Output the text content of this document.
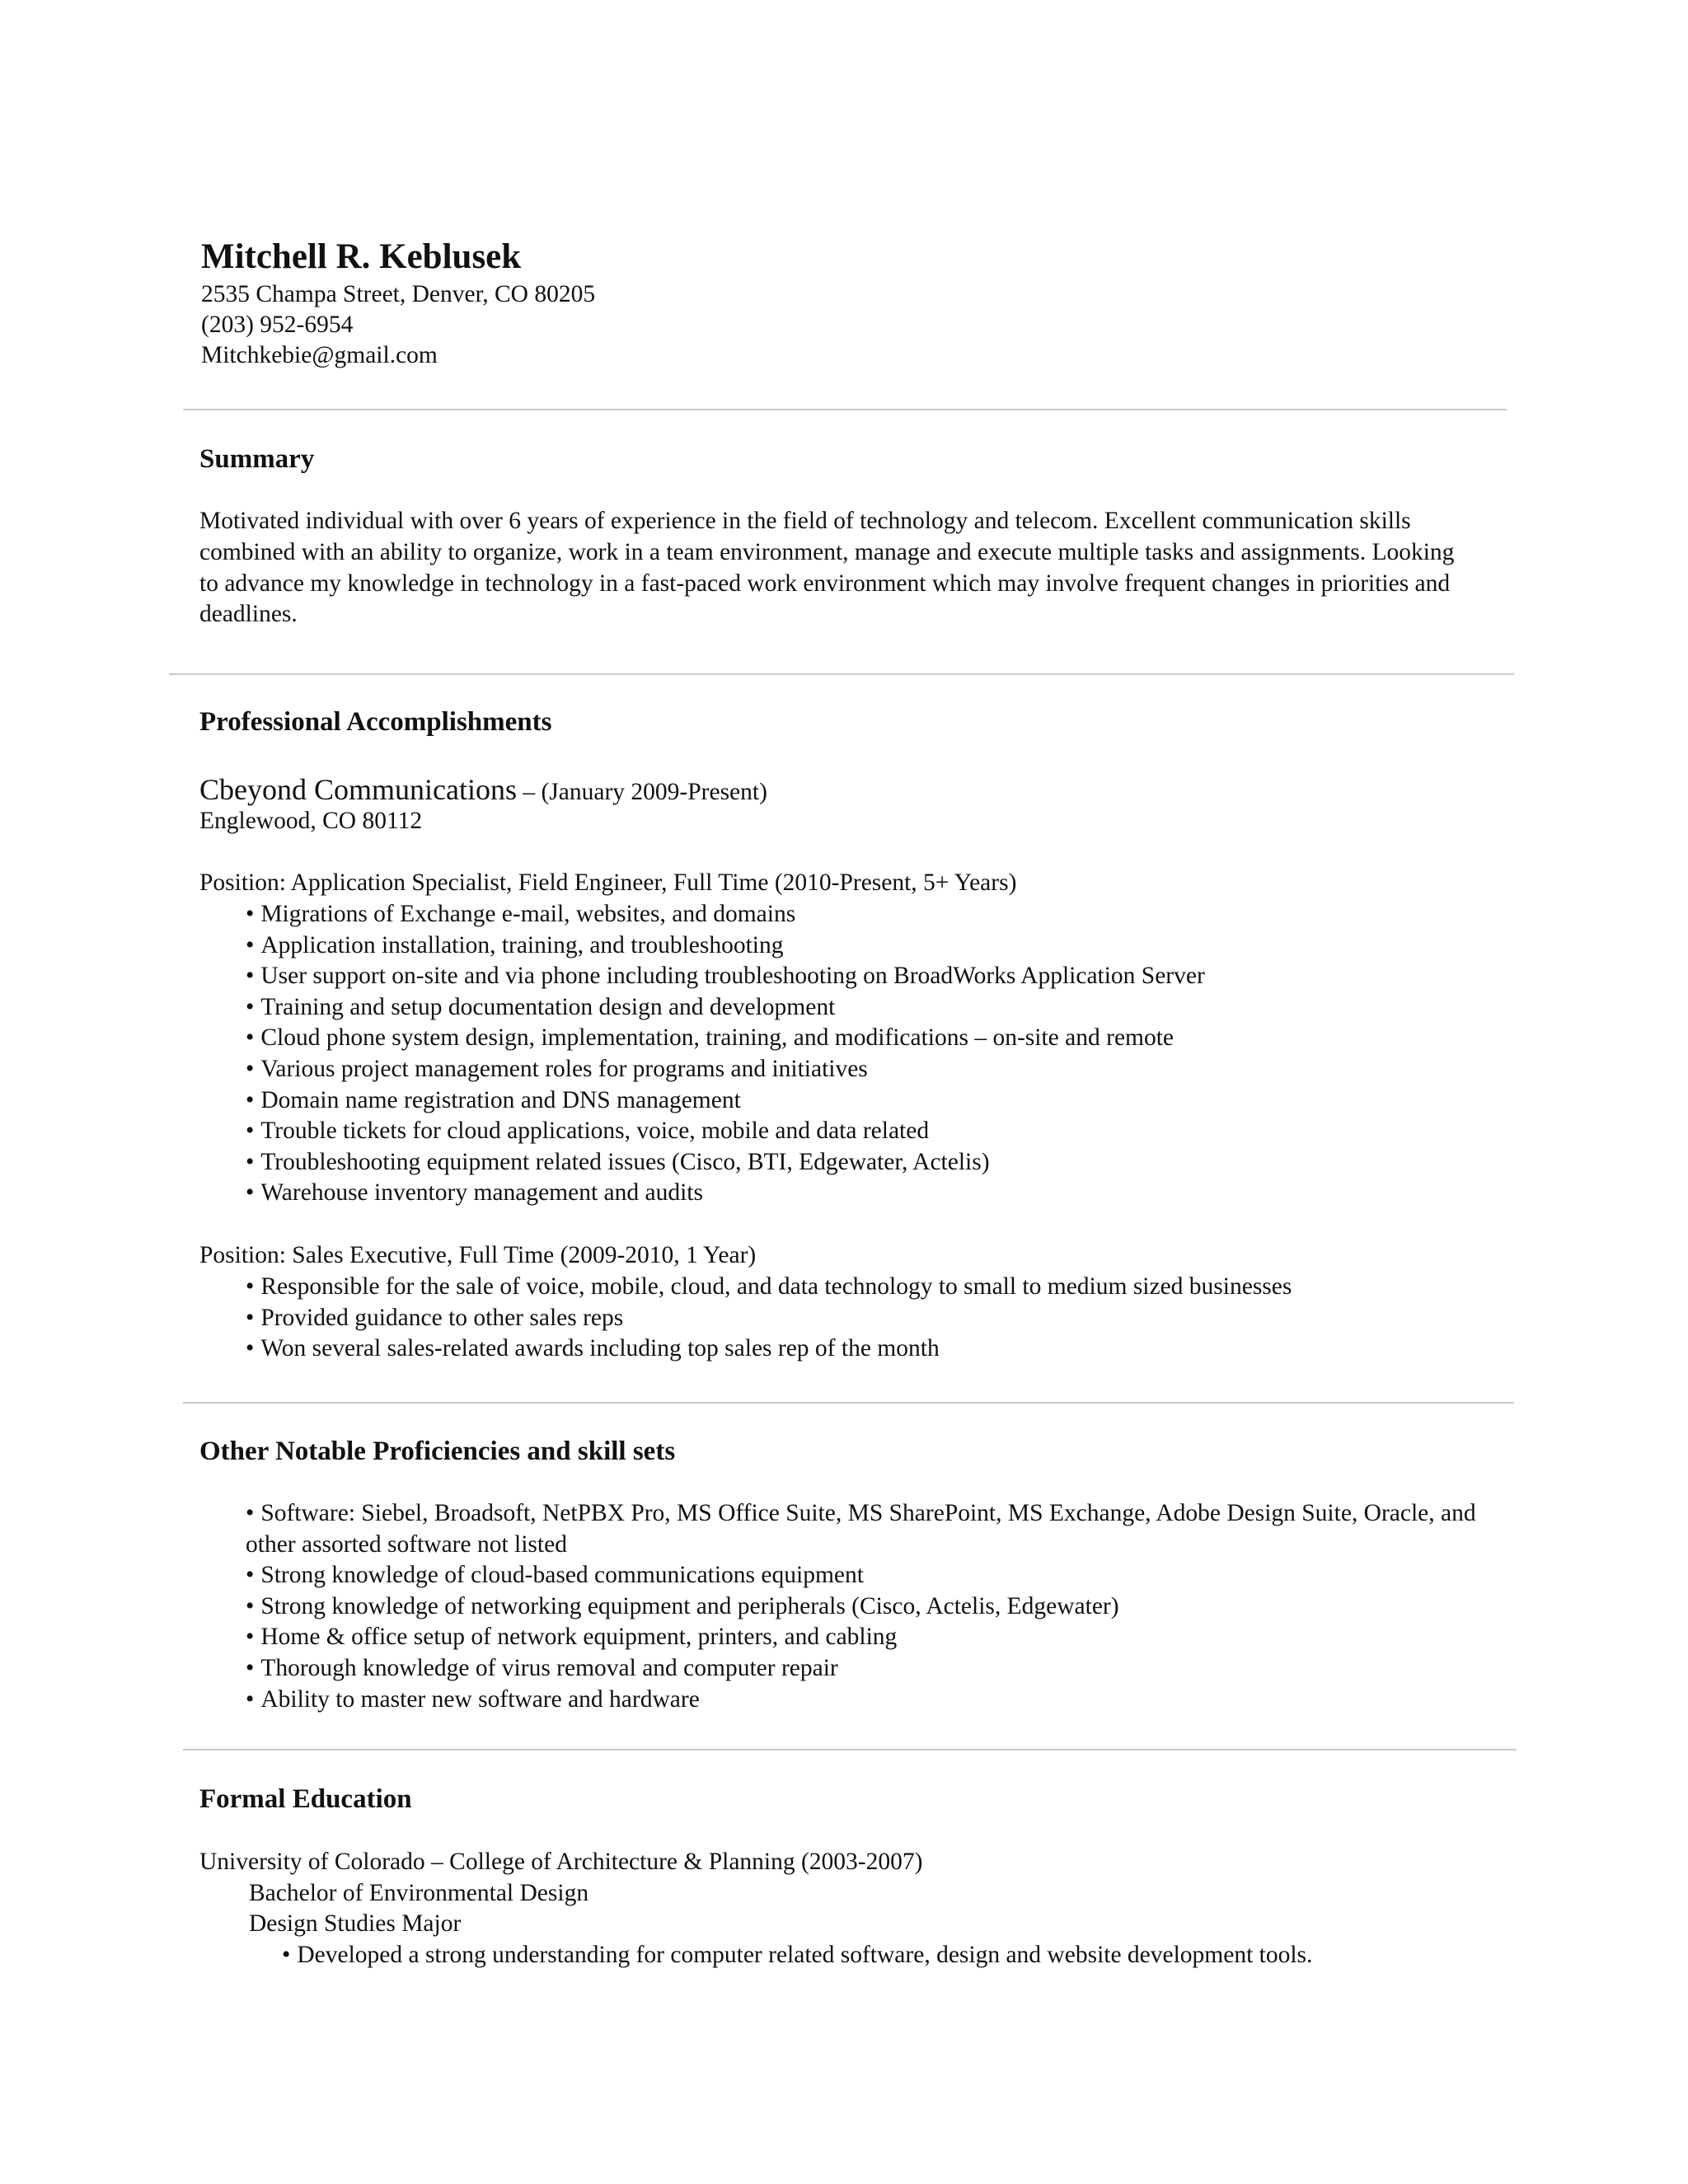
Mitchell R. Keblusek
2535 Champa Street, Denver, CO 80205
(203) 952-6954
Mitchkebie@gmail.com
Summary
Motivated individual with over 6 years of experience in the field of technology and telecom. Excellent communication skills combined with an ability to organize, work in a team environment, manage and execute multiple tasks and assignments. Looking to advance my knowledge in technology in a fast-paced work environment which may involve frequent changes in priorities and deadlines.
Professional Accomplishments
Cbeyond Communications – (January 2009-Present)
Englewood, CO 80112
Position: Application Specialist, Field Engineer, Full Time (2010-Present, 5+ Years)
• Migrations of Exchange e-mail, websites, and domains
• Application installation, training, and troubleshooting
• User support on-site and via phone including troubleshooting on BroadWorks Application Server
• Training and setup documentation design and development
• Cloud phone system design, implementation, training, and modifications – on-site and remote
• Various project management roles for programs and initiatives
• Domain name registration and DNS management
• Trouble tickets for cloud applications, voice, mobile and data related
• Troubleshooting equipment related issues (Cisco, BTI, Edgewater, Actelis)
• Warehouse inventory management and audits
Position: Sales Executive, Full Time (2009-2010, 1 Year)
• Responsible for the sale of voice, mobile, cloud, and data technology to small to medium sized businesses
• Provided guidance to other sales reps
• Won several sales-related awards including top sales rep of the month
Other Notable Proficiencies and skill sets
• Software: Siebel, Broadsoft, NetPBX Pro, MS Office Suite, MS SharePoint, MS Exchange, Adobe Design Suite, Oracle, and other assorted software not listed
• Strong knowledge of cloud-based communications equipment
• Strong knowledge of networking equipment and peripherals (Cisco, Actelis, Edgewater)
• Home & office setup of network equipment, printers, and cabling
• Thorough knowledge of virus removal and computer repair
• Ability to master new software and hardware
Formal Education
University of Colorado – College of Architecture & Planning (2003-2007)
Bachelor of Environmental Design
Design Studies Major
• Developed a strong understanding for computer related software, design and website development tools.
